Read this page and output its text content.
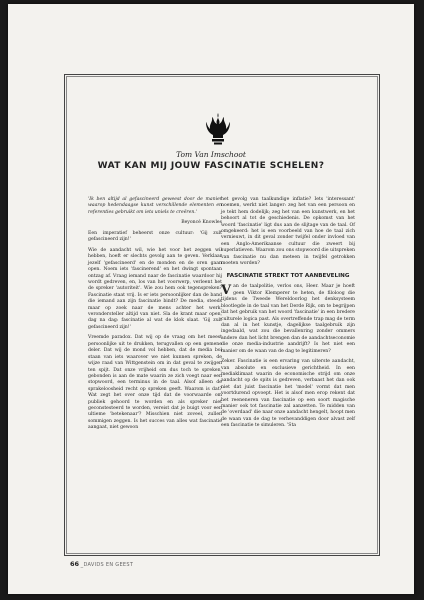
Tom Van Imschoot
WAT KAN MIJ JOUW FASCINATIE SCHELEN?

'Ik ben altijd al gefascineerd geweest door de manier waarop hedendaagse kunst verschillende elementen en referenties gebruikt om iets uniels te creëren.'

Beyoncé Knowles

Een imperatief beheerst onze cultuur: 'Gij zult gefascineerd zijn!'

Wie de aandacht wil, wie het voor het zeggen wil hebben, hoeft er slechts gevolg aan te geven. Verklaar jezelf 'gefascineerd' en de monden en de oren gaan open. Noem iets 'fascinerend' en het dwingt spontaan ontzag af. Vraag iemand naar de fascinatie waardoor hij wordt gedreven, en, los van het voorwerp, verleent het de spreker 'autoriteit'. Wie zou hem ook tegenspreken? Fascinatie staat vrij. Is er iets persoonlijker dan de band die iemand aan zijn fascinatie bindt? De media, steeds maar op zoek naar de mens achter het werk, verondersteller altijd van niet. Sla de krant maar open, dag na dag: fascinatie al wat de klok slaat. 'Gij zult gefascineerd zijn!'

Vreemde paradox. Dat wij op de vraag om het meest persoonlijke uit te drukken, terugvallen op een gemene deler. Dat wij de mond vol hebben, dat de media bol staan van iets waarover we niet kunnen spreken, de wijze raad van Wittgenstein om in dat geval te zwijgen ten spijt. Dat onze vrijheid om dus toch te spreken, gebonden is aan de mate waarin ze zich voegt naar een stopwoord, een terminus in de taal. Alsof alleen de sprakeloosheid recht op spreken geeft. Waarom is dat? Wat zegt het over onze tijd dat de voorwaarde om publiek gehoord te worden en als spreker niet geconstesteerd te worden, vereist dat je buigt voor een ultieme 'betekenaar'? Misschien niet zoveel, zullen sommigen zeggen. Is het succes van alles wat fascinatie aangaat, niet gewoon

het gevolg van taalkundige inflatie? Iets 'interessant' noemen, werkt niet langer: zeg het van een persoon en je tekt hem dodelijk; zeg het van een kunstwerk, en het behoort al tot de geschiedenis. De opkomst van het woord 'fascinatie' ligt dus aan de slijtage van de taal. Of omgekeerd: het is een voorbeeld van hoe de taal zich vernieuwt, in dit geval zonder twijfel onder invloed van een Anglo-Amerikaanse cultuur die zweert bij superlatieven. Waarom zou ons stopwoord die uitspreken van fascinatie nu dan meteen in twijfel getrokken moeten worden?

FASCINATIE STREKT TOT AANBEVELING

Van de taalpolitie, verlos ons, Heer. Maar je hoeft geen Viktor Klemperer te heten, de filoloog die tijdens de Tweede Wereldoorlog het denksysteem blootlegde in de taal van het Derde Rijk, om te begrijpen dat het gebruik van het woord 'fascinatie' in een bredere culturele logica past. Als overtreffende trap mag de term dan al in het kunstje, dagelijkse taalgebruik zijn ingedaald, wat zou die bevallenring zonder ommers andere dan het licht brengen dan de aandachtseconomie die onze media-industrie aandrijft? Is het niet een manier om de waan van de dag te legitimeren?

Zeker. Fascinatie is een ervaring van uiterste aandacht, van absolute en exclusieve gerichtheid. In een mediaklimaat waarin de economische strijd om onze aandacht op de spits is gedreven, verbaast het dan ook niet dat juist fascinatie het 'model' vormt dat men voortdurend opvoept. Het is alsof men erop rekent dat het reeneneren van fascinatie op een soort magische manier ook tot fascinatie zal aanzetten. Te midden van de 'overdaad' die naar onze aandacht hengelt, hoopt men de waan van de dag te verhevanddigen door alvast zelf een fascinatie te simuleren. 'Sta

66 _DAVIDS EN GEEST
